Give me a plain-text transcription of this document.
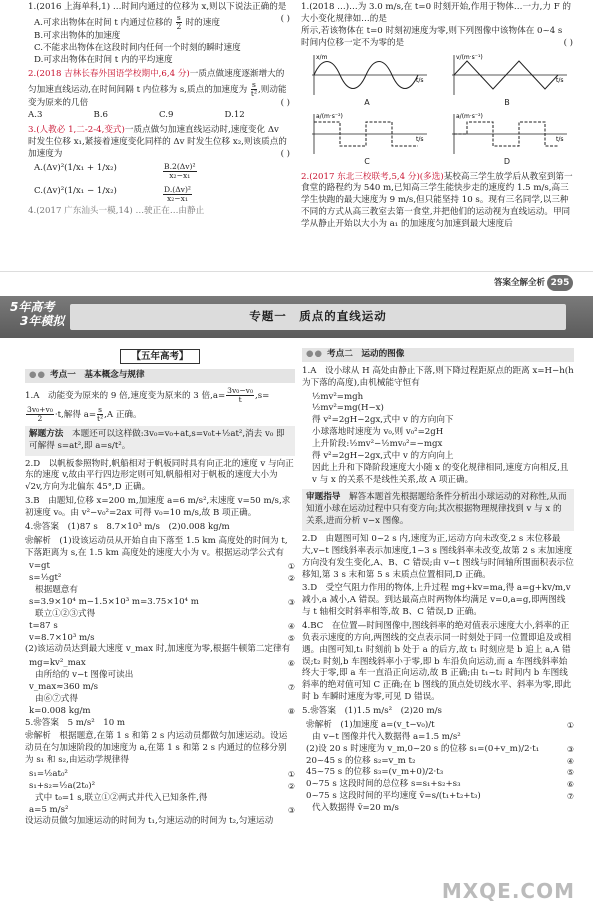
1.(2016 上海单科,1) …时间内通过的位移为 x,则以下说法正确的是
( )
A.可求出物体在时间 t 内通过位移的 $\frac{s}{2}$ 时的速度
B.可求出物体的加速度
C.不能求出物体在这段时间内任何一个时刻的瞬时速度
D.可求出物体在时间 t 内的平均速度
2.(2018 吉林长春外国语学校期中,6,4 分)一质点做速度逐渐增大的匀加速直线运动,在时间间隔 t 内位移为 s,质点的加速度为 $\frac{s}{\text{t²}}$ ,则动能变为原来的几倍	( )
A.3	B.6	C.9	D.12
3.(人教必 1,二-2-4,变式)一质点做匀加速直线运动时,速度变化 Δv 时发生位移 x₁,紧接着速度变化同样的 Δv 时发生位移 x₂,则该质点的加速度为	( )
A.(Δv)²(1/x₁ + 1/x₂)	$\frac{\text{B.2(Δv)²}}{\text{x₂−x₁}}$
C.(Δv)²(1/x₁ − 1/x₂)	$\frac{\text{D.(Δv)²}}{\text{x₂−x₁}}$
4.(2017 广东汕头一模,14) …驶正在…由静止
1.(2018 …)…为 3.0 m/s,在 t=0 时刻开始,作用于物体…一力,力 F 的大小变化规律如…的是
所示,若该物体在 t=0 时刻初速度为零,则下列图像中该物体在 0~4 s 时间内位移一定不为零的是	( )
x/m
t/s
A
v/(m·s⁻¹)
t/s
B
a/(m·s⁻²)
t/s
C
a/(m·s⁻²)
t/s
D
2.(2017 东北三校联考,5,4 分)(多选)某校高三学生放学后从教室到第一食堂的路程约为 540 m,已知高三学生能快步走的速度约 1.5 m/s,高三学生快跑的最大速度为 9 m/s,但只能坚持 10 s。现有三名同学,以三种不同的方式从高三教室去第一食堂,并把他们的运动视为直线运动。甲同学从静止开始以大小为 a₁ 的加速度匀加速到最大速度后
答案全解全析 295
5年高考
3年模拟	专题一　质点的直线运动
【五年高考】
●● 考点一　基本概念与规律
1.A　动能变为原来的 9 倍,速度变为原来的 3 倍$,a= \frac{\text{3v₀−v₀}}{t} ,s=$
$\frac{\text{3v₀+v₀}}{2} \cdot t$,解得 $a= \frac{s}{\text{t²}} ,A$ 正确。
解题方法　 本题还可以这样做:3v₀=v₀+at,s=v₀t+½at²,消去 v₀ 即可解得 s=at²,即 a=s/t²。
2.D　以帆板参照物时,帆船相对于帆板同时具有向正北的速度 v 与向正东的速度 v,故由平行四边形定则可知,帆船相对于帆板的速度大小为√2v,方向为北偏东 45°,D 正确。
3.B　由题知,位移 x=200 m,加速度 a=6 m/s²,末速度 v=50 m/s,求初速度 v₀。由 v²−v₀²=2ax 可得 v₀=10 m/s,故 B 项正确。
4.❀答案　(1)87 s　8.7×10³ m/s　(2)0.008 kg/m
❀解析　(1)设该运动员从开始自由下落至 1.5 km 高度处的时间为 t,下落距离为 s,在 1.5 km 高度处的速度大小为 v。根据运动学公式有
v=gt	①
s=½gt²	②
根据题意有
s=3.9×10⁴ m−1.5×10³ m=3.75×10⁴ m	③
联立①②③式得
t=87 s	④
v=8.7×10³ m/s	⑤
(2)该运动员达到最大速度 v_max 时,加速度为零,根据牛顿第二定律有
mg=kv²_max	⑥
由所给的 v−t 图像可读出
v_max≈360 m/s	⑦
由⑥⑦式得
k=0.008 kg/m	⑧
5.❀答案　5 m/s²　10 m
❀解析　根据题意,在第 1 s 和第 2 s 内运动员都做匀加速运动。设运动员在匀加速阶段的加速度为 a,在第 1 s 和第 2 s 内通过的位移分别为 s₁ 和 s₂,由运动学规律得
s₁=½at₀²	①
s₁+s₂=½a(2t₀)²	②
式中 t₀=1 s,联立①②两式并代入已知条件,得
a=5 m/s²	③
设运动员做匀加速运动的时间为 t₁,匀速运动的时间为 t₂,匀速运动
●● 考点二　运动的图像
1.A　设小球从 H 高处由静止下落,则下降过程距原点的距离 x=H−h(h 为下落的高度),由机械能守恒有
½mv²=mgh
½mv²=mg(H−x)
得 v²=2gH−2gx,式中 v 的方向向下
小球落地时速度为 v₀,则 v₀²=2gH
上升阶段:½mv²−½mv₀²=−mgx
得 v²=2gH−2gx,式中 v 的方向向上
因此上升和下降阶段速度大小随 x 的变化规律相同,速度方向相反,且 v 与 x 的关系不是线性关系,故 A 项正确。
审题指导　 解答本题首先根据题给条件分析出小球运动的对称性,从而知道小球在运动过程中只有变方向;其次根据物理规律找到 v 与 x 的关系,进而分析 v−x 图像。
2.D　由题图可知 0~2 s 内,速度为正,运动方向未改变,2 s 末位移最大,v−t 图线斜率表示加速度,1~3 s 图线斜率未改变,故第 2 s 末加速度方向没有发生变化,A、B、C 错误;由 v−t 图线与时间轴所围面积表示位移知,第 3 s 末和第 5 s 末质点位置相同,D 正确。
3.D　受空气阻力作用的物体,上升过程 mg+kv=ma,得 a=g+kv/m,v 减小,a 减小,A 错误。到达最高点时两物体均满足 v=0,a=g,即两图线与 t 轴相交时斜率相等,故 B、C 错误,D 正确。
4.BC　在位置—时间图像中,图线斜率的绝对值表示速度大小,斜率的正负表示速度的方向,两图线的交点表示同一时刻处于同一位置即追及或相遇。由图可知,t₁ 时刻前 b 处于 a 的后方,故 t₁ 时刻应是 b 追上 a,A 错误;t₂ 时刻,b 车图线斜率小于零,即 b 车沿负向运动,而 a 车图线斜率始终大于零,即 a 车一直沿正向运动,故 B 正确;由 t₁~t₂ 时间内 b 车图线斜率的绝对值可知 C 正确;在 b 图线的顶点处切线水平、斜率为零,即此时 b 车瞬时速度为零,可见 D 错误。
5.❀答案　(1)1.5 m/s²　(2)20 m/s
❀解析　(1)加速度 a=(v_t−v₀)/t	①
由 v−t 图像并代入数据得 a=1.5 m/s²
(2)设 20 s 时速度为 v_m,0~20 s 的位移 s₁=(0+v_m)/2·t₁	③
20~45 s 的位移 s₂=v_m t₂	④
45~75 s 的位移 s₃=(v_m+0)/2·t₃	⑤
0~75 s 这段时间的总位移 s=s₁+s₂+s₃	⑥
0~75 s 这段时间的平均速度 v̄=s/(t₁+t₂+t₃)	⑦
代入数据得 v̄=20 m/s
MXQE.COM
